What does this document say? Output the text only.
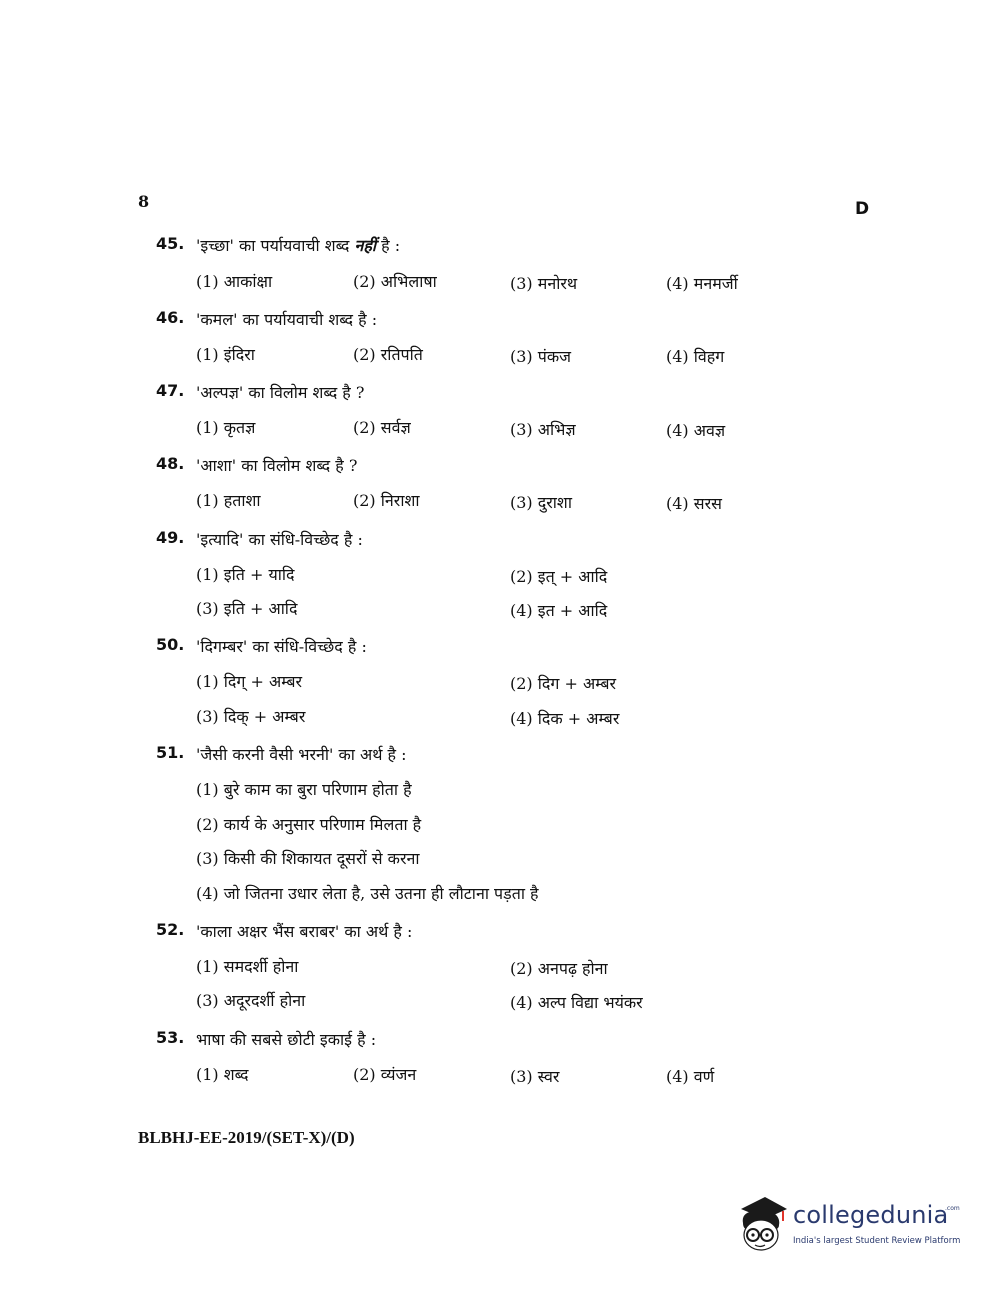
8	D
45. 'इच्छा' का पर्यायवाची शब्द नहीं है :
(1) आकांक्षा	(2) अभिलाषा	(3) मनोरथ	(4) मनमर्जी
46. 'कमल' का पर्यायवाची शब्द है :
(1) इंदिरा	(2) रतिपति	(3) पंकज	(4) विहग
47. 'अल्पज्ञ' का विलोम शब्द है ?
(1) कृतज्ञ	(2) सर्वज्ञ	(3) अभिज्ञ	(4) अवज्ञ
48. 'आशा' का विलोम शब्द है ?
(1) हताशा	(2) निराशा	(3) दुराशा	(4) सरस
49. 'इत्यादि' का संधि-विच्छेद है :
(1) इति + यादि	(2) इत् + आदि
(3) इति + आदि	(4) इत + आदि
50. 'दिगम्बर' का संधि-विच्छेद है :
(1) दिग् + अम्बर	(2) दिग + अम्बर
(3) दिक् + अम्बर	(4) दिक + अम्बर
51. 'जैसी करनी वैसी भरनी' का अर्थ है :
(1) बुरे काम का बुरा परिणाम होता है
(2) कार्य के अनुसार परिणाम मिलता है
(3) किसी की शिकायत दूसरों से करना
(4) जो जितना उधार लेता है, उसे उतना ही लौटाना पड़ता है
52. 'काला अक्षर भैंस बराबर' का अर्थ है :
(1) समदर्शी होना	(2) अनपढ़ होना
(3) अदूरदर्शी होना	(4) अल्प विद्या भयंकर
53. भाषा की सबसे छोटी इकाई है :
(1) शब्द	(2) व्यंजन	(3) स्वर	(4) वर्ण
BLBHJ-EE-2019/(SET-X)/(D)
collegedunia
.com
India's largest Student Review Platform
